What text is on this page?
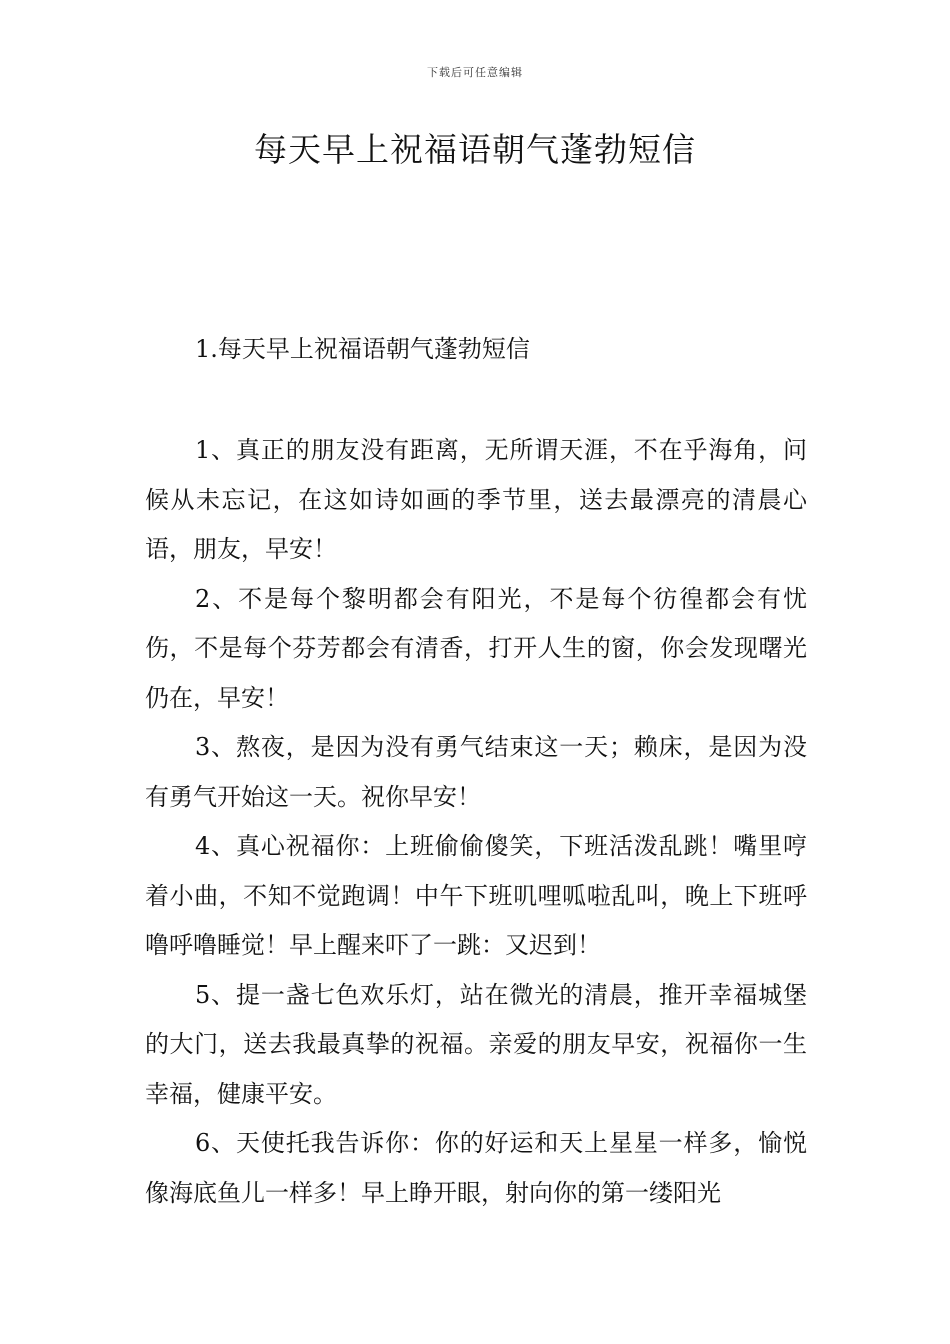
下载后可任意编辑
每天早上祝福语朝气蓬勃短信
1.每天早上祝福语朝气蓬勃短信

1、真正的朋友没有距离，无所谓天涯，不在乎海角，问候从未忘记，在这如诗如画的季节里，送去最漂亮的清晨心语，朋友，早安！

2、不是每个黎明都会有阳光，不是每个彷徨都会有忧伤，不是每个芬芳都会有清香，打开人生的窗，你会发现曙光仍在，早安！

3、熬夜，是因为没有勇气结束这一天；赖床，是因为没有勇气开始这一天。祝你早安！

4、真心祝福你：上班偷偷傻笑，下班活泼乱跳！嘴里哼着小曲，不知不觉跑调！中午下班叽哩呱啦乱叫，晚上下班呼噜呼噜睡觉！早上醒来吓了一跳：又迟到！

5、提一盏七色欢乐灯，站在微光的清晨，推开幸福城堡的大门，送去我最真挚的祝福。亲爱的朋友早安，祝福你一生幸福，健康平安。

6、天使托我告诉你：你的好运和天上星星一样多，愉悦像海底鱼儿一样多！早上睁开眼，射向你的第一缕阳光
